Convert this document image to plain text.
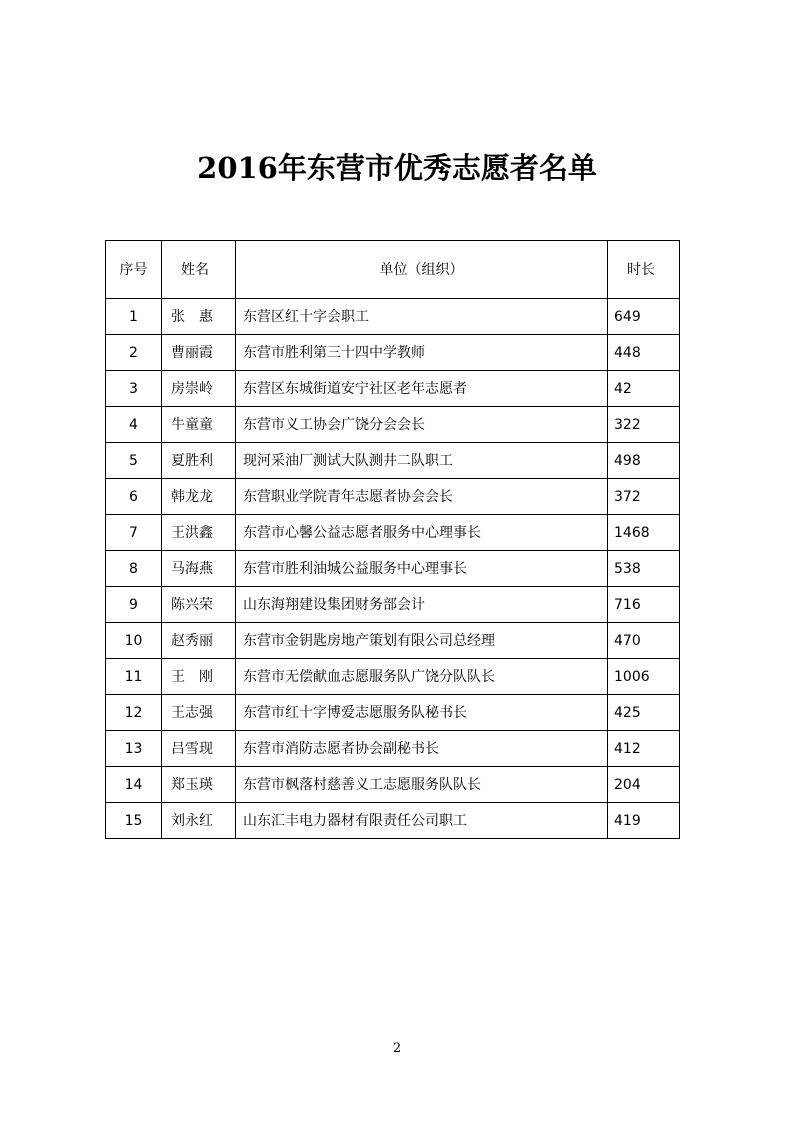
2016年东营市优秀志愿者名单
序号	姓名	单位（组织）	时长
1	张　惠	东营区红十字会职工	649
2	曹丽霞	东营市胜利第三十四中学教师	448
3	房崇岭	东营区东城街道安宁社区老年志愿者	42
4	牛童童	东营市义工协会广饶分会会长	322
5	夏胜利	现河采油厂测试大队测井二队职工	498
6	韩龙龙	东营职业学院青年志愿者协会会长	372
7	王洪鑫	东营市心馨公益志愿者服务中心理事长	1468
8	马海燕	东营市胜利油城公益服务中心理事长	538
9	陈兴荣	山东海翔建设集团财务部会计	716
10	赵秀丽	东营市金钥匙房地产策划有限公司总经理	470
11	王　刚	东营市无偿献血志愿服务队广饶分队队长	1006
12	王志强	东营市红十字博爱志愿服务队秘书长	425
13	吕雪现	东营市消防志愿者协会副秘书长	412
14	郑玉瑛	东营市枫落村慈善义工志愿服务队队长	204
15	刘永红	山东汇丰电力器材有限责任公司职工	419
2
